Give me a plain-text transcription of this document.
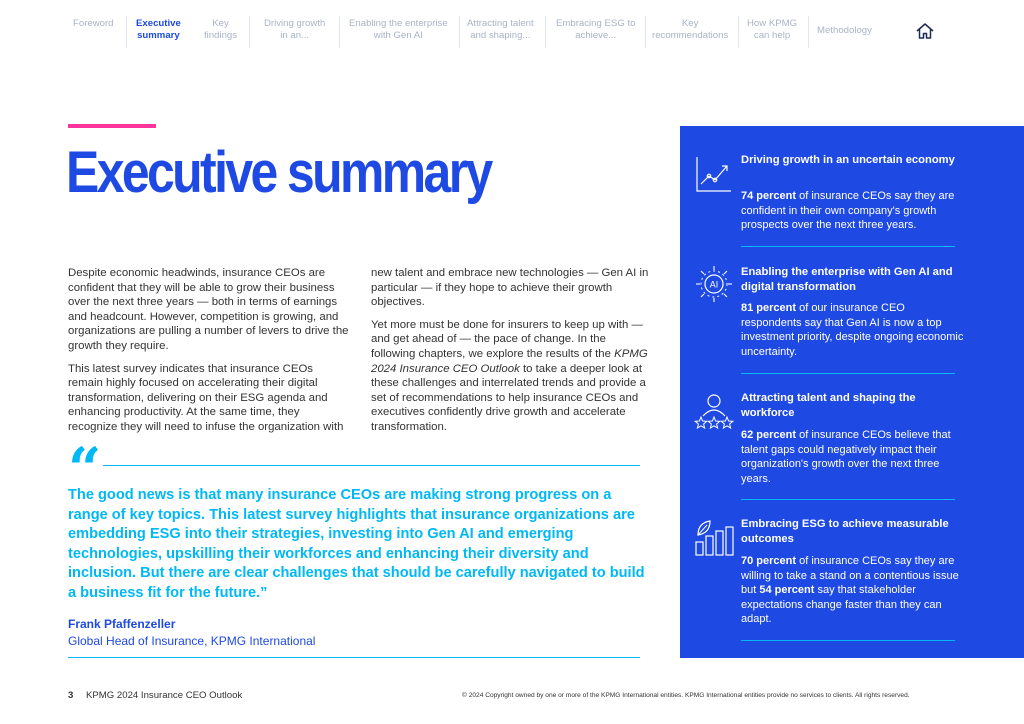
Foreword Executive
summary
Key
findings
Driving growth
in an...
Enabling the enterprise
with Gen AI
Attracting talent
and shaping...
Embracing ESG to
achieve...
Key
recommendations
How KPMG
can help	Methodology
Executive summary

Despite economic headwinds, insurance CEOs are confident that they will be able to grow their business over the next three years — both in terms of earnings and headcount. However, competition is growing, and organizations are pulling a number of levers to drive the growth they require.

This latest survey indicates that insurance CEOs remain highly focused on accelerating their digital transformation, delivering on their ESG agenda and enhancing productivity. At the same time, they recognize they will need to infuse the organization with

new talent and embrace new technologies — Gen AI in particular — if they hope to achieve their growth objectives.

Yet more must be done for insurers to keep up with — and get ahead of — the pace of change. In the following chapters, we explore the results of the KPMG 2024 Insurance CEO Outlook to take a deeper look at these challenges and interrelated trends and provide a set of recommendations to help insurance CEOs and executives confidently drive growth and accelerate transformation.

“
The good news is that many insurance CEOs are making strong progress on a range of key topics. This latest survey highlights that insurance organizations are embedding ESG into their strategies, investing into Gen AI and emerging technologies, upskilling their workforces and enhancing their diversity and inclusion. But there are clear challenges that should be carefully navigated to build a business fit for the future.”
Frank Pfaffenzeller
Global Head of Insurance, KPMG International
Driving growth in an uncertain economy
74 percent of insurance CEOs say they are confident in their own company's growth prospects over the next three years.
AI
Enabling the enterprise with Gen AI and digital transformation
81 percent of our insurance CEO respondents say that Gen AI is now a top investment priority, despite ongoing economic uncertainty.
Attracting talent and shaping the workforce
62 percent of insurance CEOs believe that talent gaps could negatively impact their organization's growth over the next three years.
Embracing ESG to achieve measurable outcomes
70 percent of insurance CEOs say they are willing to take a stand on a contentious issue but 54 percent say that stakeholder expectations change faster than they can adapt.
3 KPMG 2024 Insurance CEO Outlook	© 2024 Copyright owned by one or more of the KPMG International entities. KPMG International entities provide no services to clients. All rights reserved.
